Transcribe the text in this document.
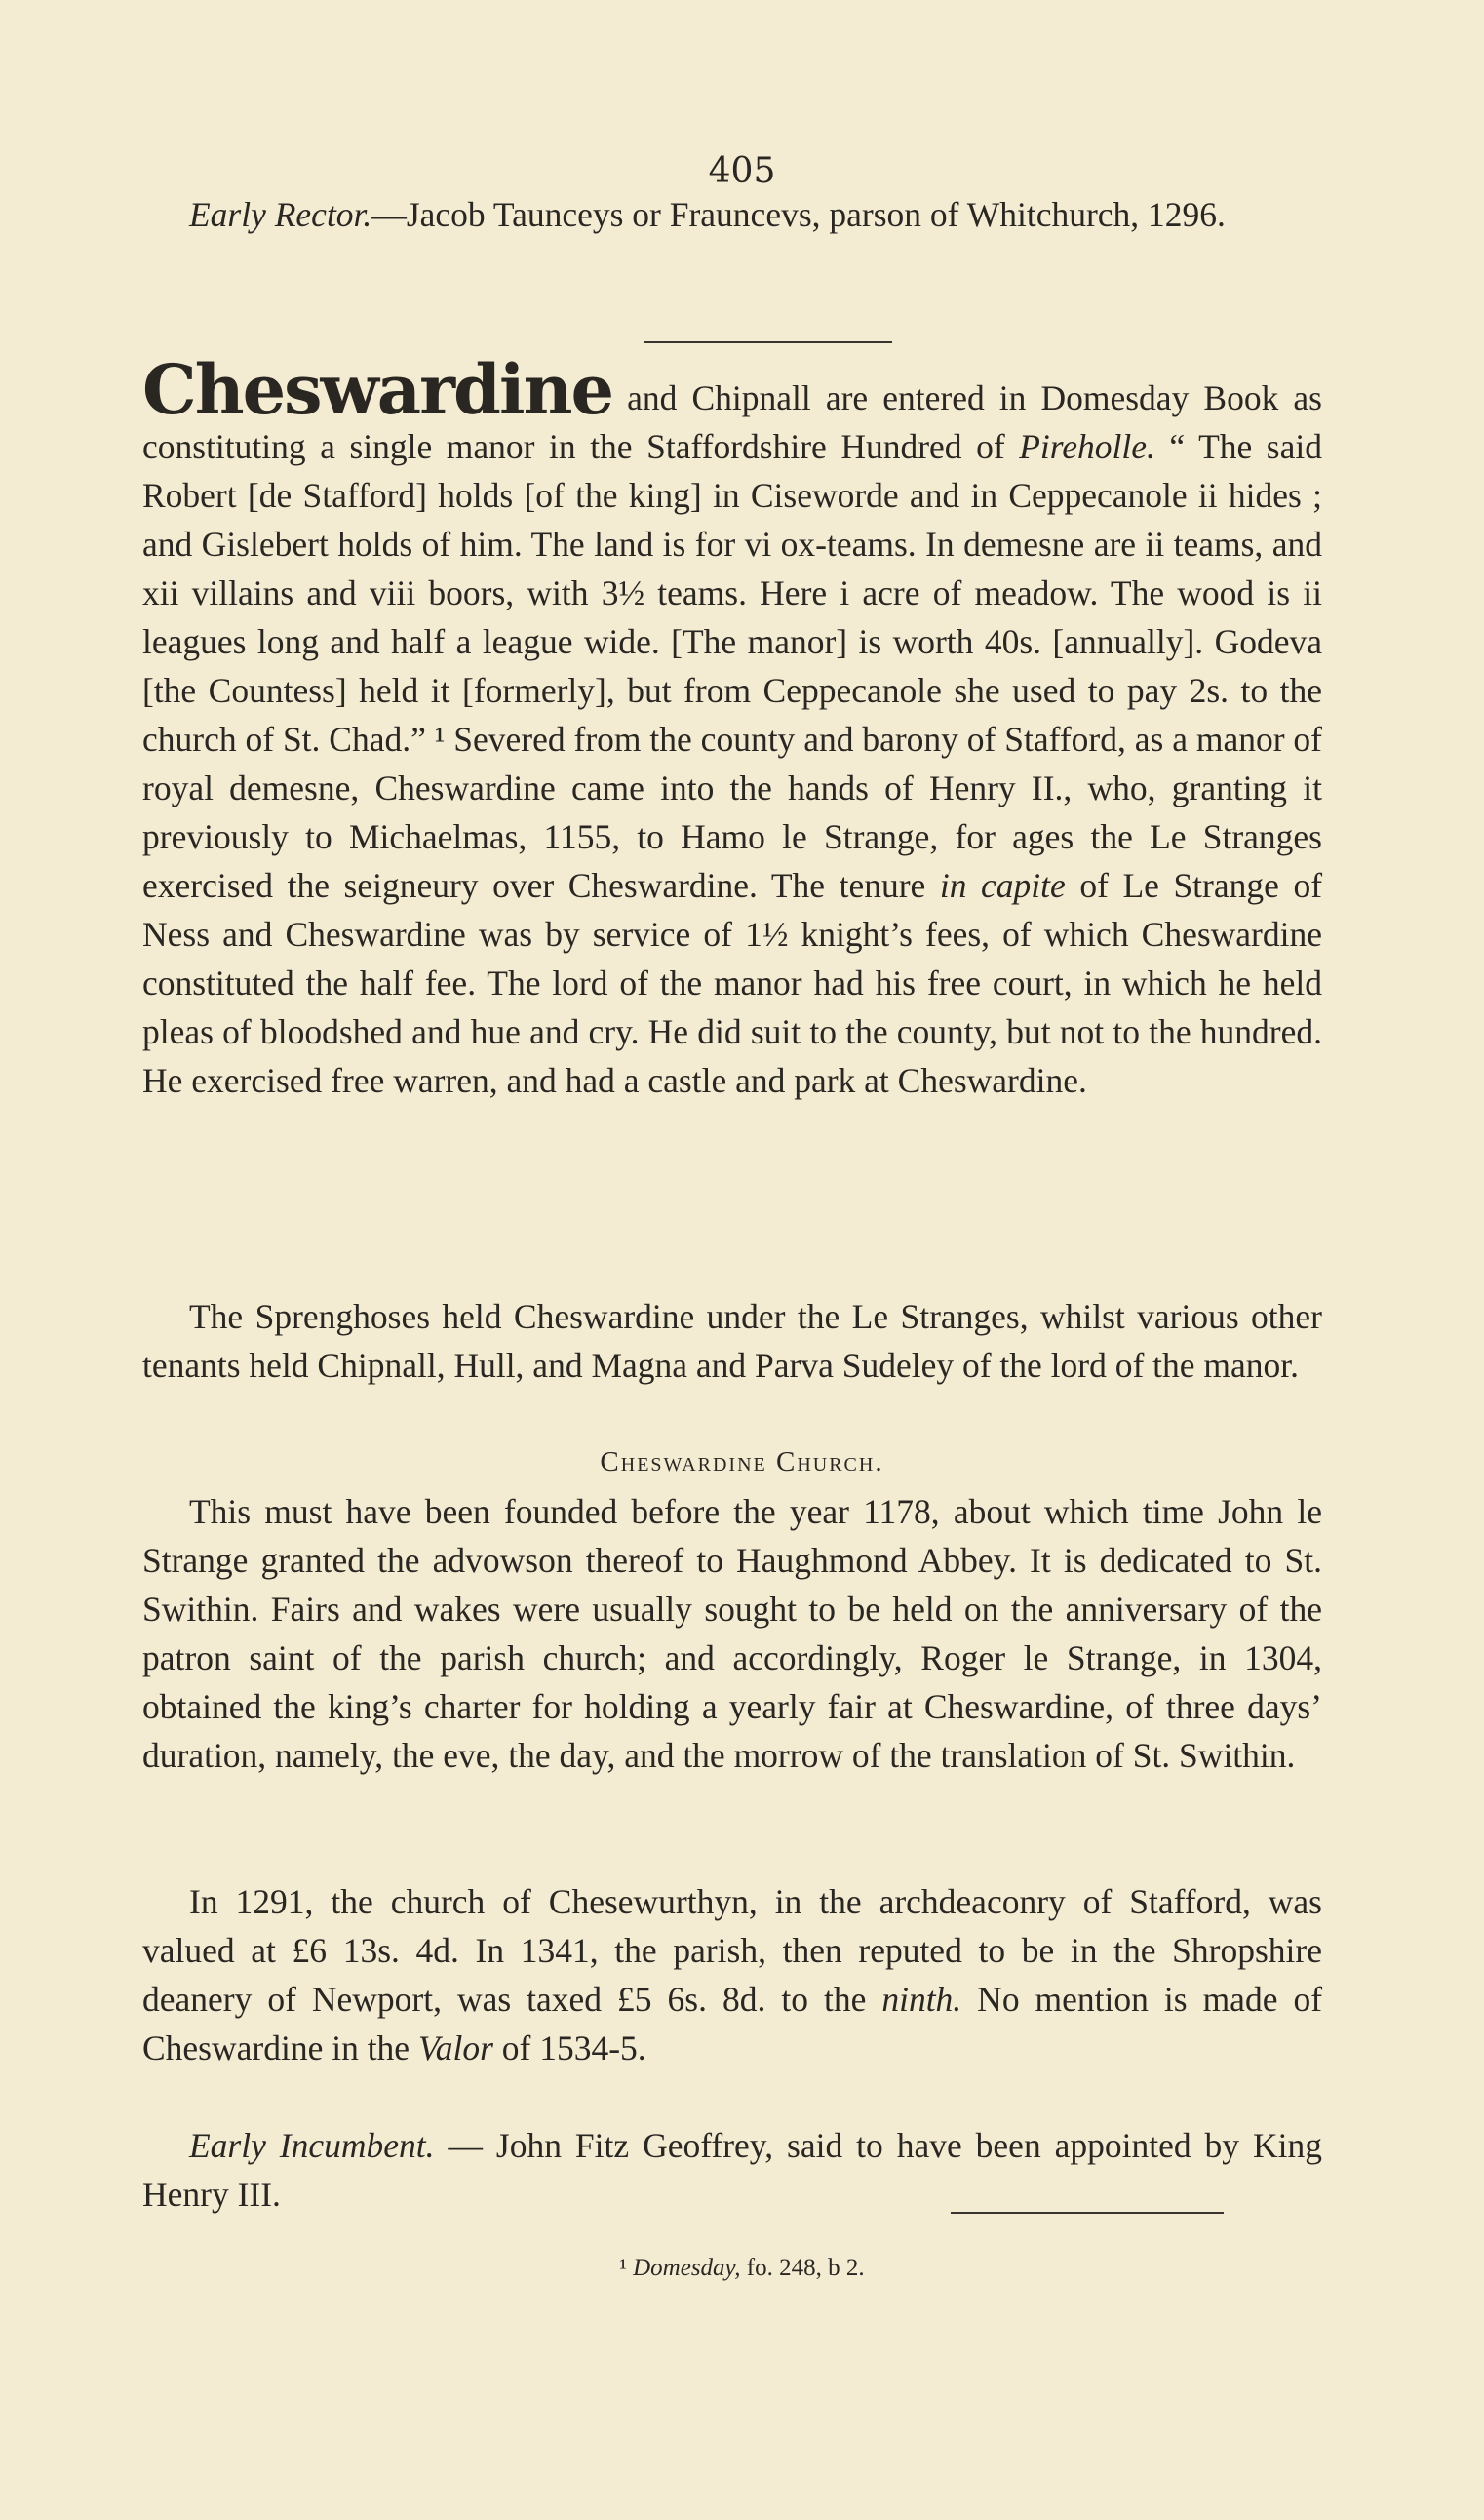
405

Early Rector.—Jacob Taunceys or Frauncevs, parson of Whitchurch, 1296.

Cheswardine and Chipnall are entered in Domesday Book as constituting a single manor in the Staffordshire Hundred of Pireholle. “ The said Robert [de Stafford] holds [of the king] in Ciseworde and in Ceppecanole ii hides ; and Gislebert holds of him. The land is for vi ox-teams. In demesne are ii teams, and xii villains and viii boors, with 3½ teams. Here i acre of meadow. The wood is ii leagues long and half a league wide. [The manor] is worth 40s. [annually]. Godeva [the Countess] held it [formerly], but from Ceppecanole she used to pay 2s. to the church of St. Chad.” ¹ Severed from the county and barony of Stafford, as a manor of royal demesne, Cheswardine came into the hands of Henry II., who, granting it previously to Michaelmas, 1155, to Hamo le Strange, for ages the Le Stranges exercised the seigneury over Cheswardine. The tenure in capite of Le Strange of Ness and Cheswardine was by service of 1½ knight’s fees, of which Cheswardine constituted the half fee. The lord of the manor had his free court, in which he held pleas of bloodshed and hue and cry. He did suit to the county, but not to the hundred. He exercised free warren, and had a castle and park at Cheswardine.

The Sprenghoses held Cheswardine under the Le Stranges, whilst various other tenants held Chipnall, Hull, and Magna and Parva Sudeley of the lord of the manor.

Cheswardine Church.

This must have been founded before the year 1178, about which time John le Strange granted the advowson thereof to Haughmond Abbey. It is dedicated to St. Swithin. Fairs and wakes were usually sought to be held on the anniversary of the patron saint of the parish church; and accordingly, Roger le Strange, in 1304, obtained the king’s charter for holding a yearly fair at Cheswardine, of three days’ duration, namely, the eve, the day, and the morrow of the translation of St. Swithin.

In 1291, the church of Chesewurthyn, in the archdeaconry of Stafford, was valued at £6 13s. 4d. In 1341, the parish, then reputed to be in the Shropshire deanery of Newport, was taxed £5 6s. 8d. to the ninth. No mention is made of Cheswardine in the Valor of 1534-5.

Early Incumbent. — John Fitz Geoffrey, said to have been appointed by King Henry III.

¹ Domesday, fo. 248, b 2.
